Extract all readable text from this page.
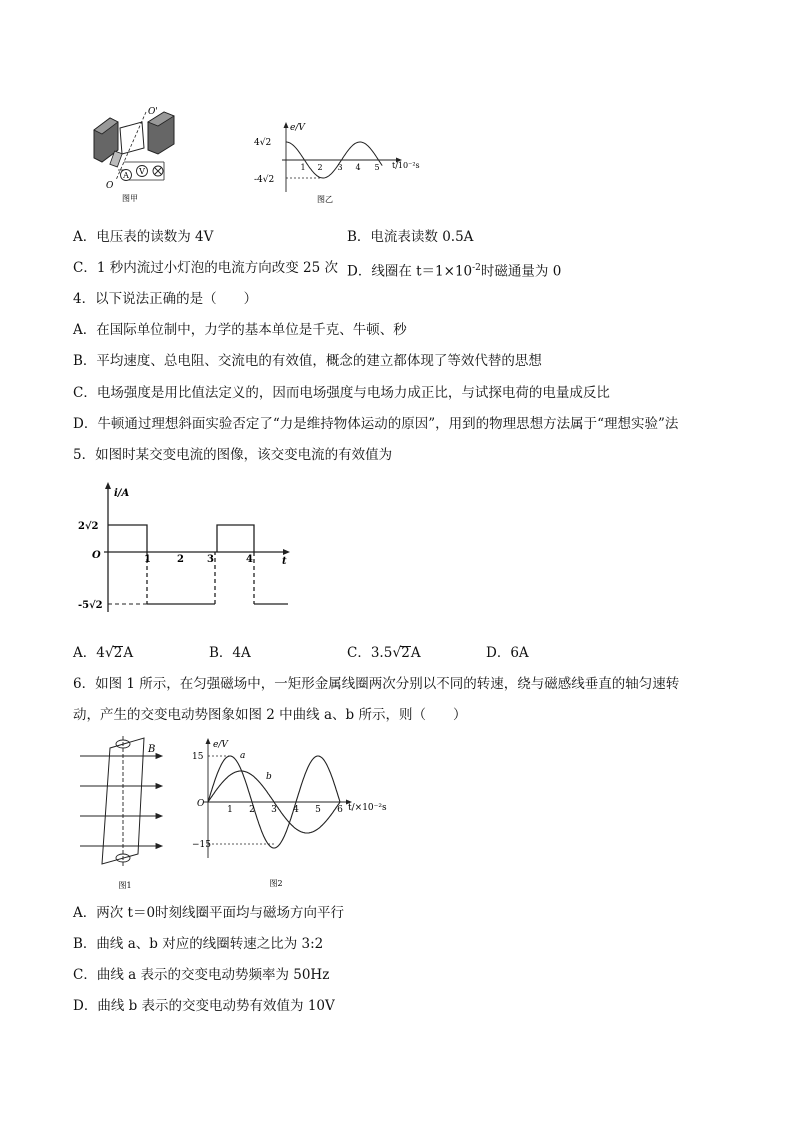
A V
O'
O
图甲
e/V
4√2
-4√2
t/10⁻²s
1 2 3 4 5
图乙
A．电压表的读数为 4V	B．电流表读数 0.5A
C．1 秒内流过小灯泡的电流方向改变 25 次 D．线圈在 $t=1\times 10^{-2}$时磁通量为 0
4．以下说法正确的是（　　）
A．在国际单位制中，力学的基本单位是千克、牛顿、秒
B．平均速度、总电阻、交流电的有效值，概念的建立都体现了等效代替的思想
C．电场强度是用比值法定义的，因而电场强度与电场力成正比，与试探电荷的电量成反比
D．牛顿通过理想斜面实验否定了“力是维持物体运动的原因”，用到的物理思想方法属于“理想实验”法
5．如图时某交变电流的图像，该交变电流的有效值为
i/A
2√2
O
-5√2
t
1	2 3	4
A．4√2A	B．4A	C．3.5√2A	D．6A
6．如图 1 所示，在匀强磁场中，一矩形金属线圈两次分别以不同的转速，绕与磁感线垂直的轴匀速转
动，产生的交变电动势图象如图 2 中曲线 a、b 所示，则（　　）
B
图1
e/V
15
O
−15
t/×10⁻²s
a
b
1 2 3 4 5 6
图2
A．两次 t＝0时刻线圈平面均与磁场方向平行
B．曲线 a、b 对应的线圈转速之比为 3:2
C．曲线 a 表示的交变电动势频率为 50Hz
D．曲线 b 表示的交变电动势有效值为 10V
